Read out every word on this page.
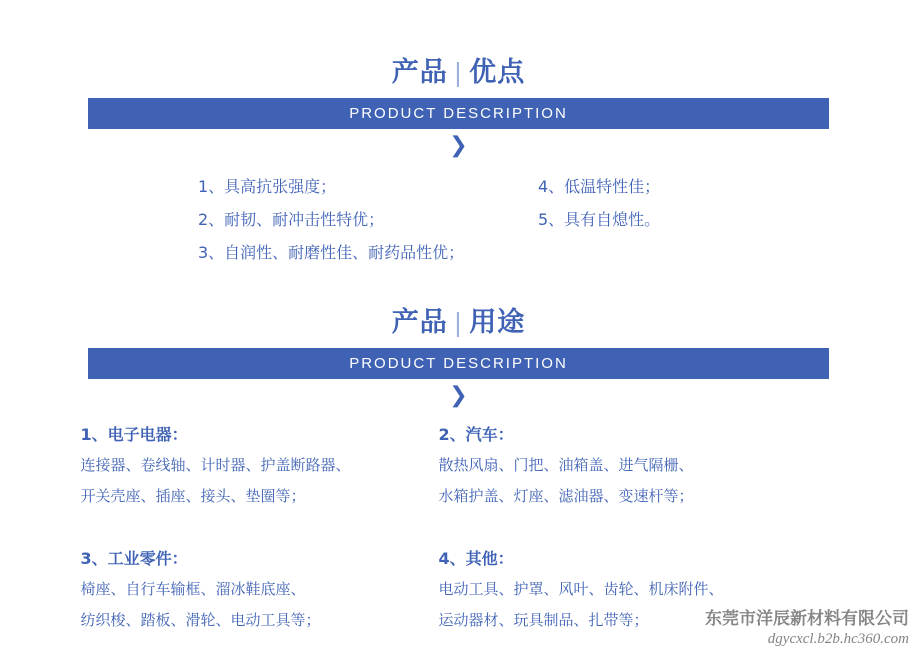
产品 | 优点
PRODUCT DESCRIPTION
❯
1、具高抗张强度；
2、耐韧、耐冲击性特优；
3、自润性、耐磨性佳、耐药品性优；
4、低温特性佳；
5、具有自熄性。
产品 | 用途
PRODUCT DESCRIPTION
❯
1、电子电器：
连接器、卷线轴、计时器、护盖断路器、
开关壳座、插座、接头、垫圈等；
3、工业零件：
椅座、自行车输框、溜冰鞋底座、
纺织梭、踏板、滑轮、电动工具等；
2、汽车：
散热风扇、门把、油箱盖、进气隔栅、
水箱护盖、灯座、滤油器、变速杆等；
4、其他：
电动工具、护罩、风叶、齿轮、机床附件、
运动器材、玩具制品、扎带等；	东莞市洋辰新材料有限公司
dgycxcl.b2b.hc360.com
